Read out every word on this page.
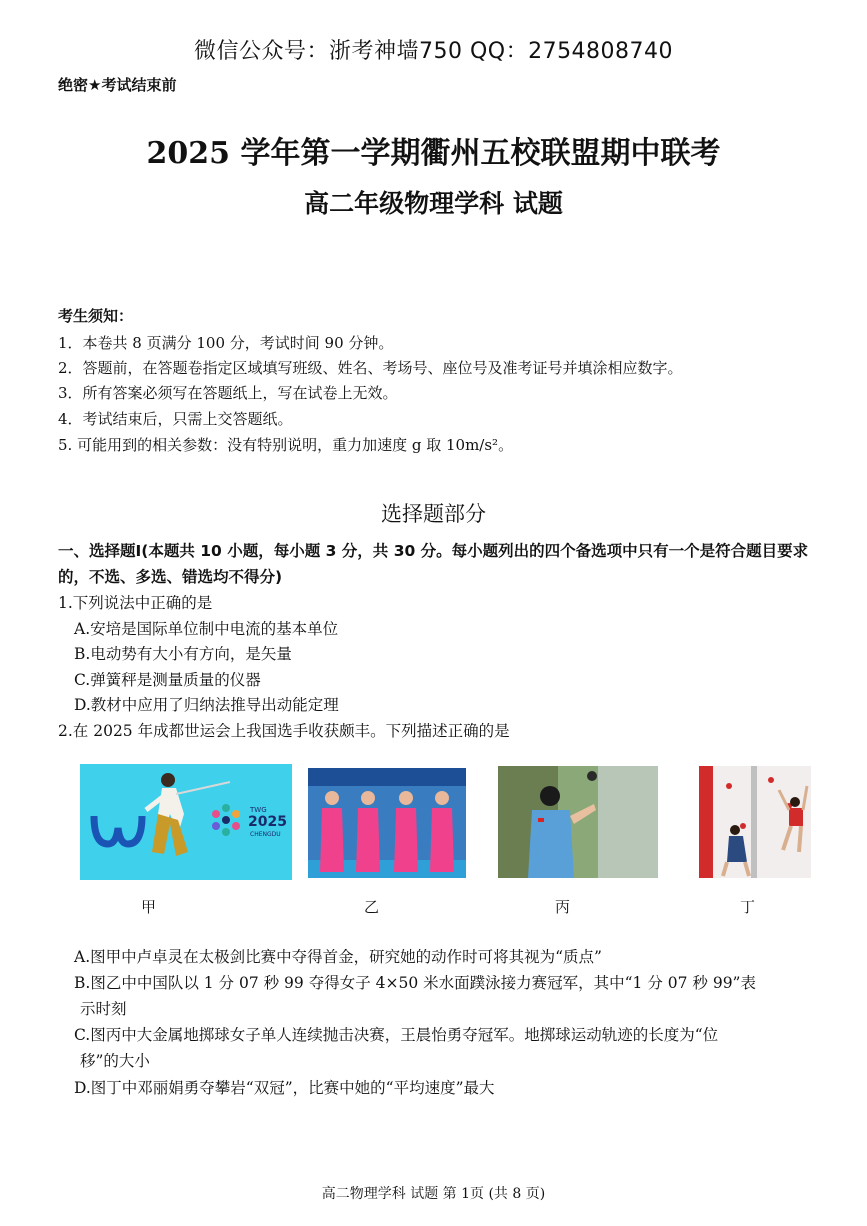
微信公众号：浙考神墙750 QQ：2754808740
绝密★考试结束前
2025 学年第一学期衢州五校联盟期中联考
高二年级物理学科 试题
考生须知：
1．本卷共 8 页满分 100 分，考试时间 90 分钟。
2．答题前，在答题卷指定区域填写班级、姓名、考场号、座位号及准考证号并填涂相应数字。
3．所有答案必须写在答题纸上，写在试卷上无效。
4．考试结束后，只需上交答题纸。
5. 可能用到的相关参数：没有特别说明，重力加速度 g 取 10m/s²。
选择题部分
一、选择题Ⅰ(本题共 10 小题，每小题 3 分，共 30 分。每小题列出的四个备选项中只有一个是符合题目要求的，不选、多选、错选均不得分)
1.下列说法中正确的是
A.安培是国际单位制中电流的基本单位
B.电动势有大小有方向，是矢量
C.弹簧秤是测量质量的仪器
D.教材中应用了归纳法推导出动能定理
2.在 2025 年成都世运会上我国选手收获颇丰。下列描述正确的是
TWG
2025
CHENGDU
甲	乙	丙	丁
A.图甲中卢卓灵在太极剑比赛中夺得首金，研究她的动作时可将其视为“质点”
B.图乙中中国队以 1 分 07 秒 99 夺得女子 4×50 米水面蹼泳接力赛冠军，其中“1 分 07 秒 99”表
示时刻
C.图丙中大金属地掷球女子单人连续抛击决赛，王晨怡勇夺冠军。地掷球运动轨迹的长度为“位
移”的大小
D.图丁中邓丽娟勇夺攀岩“双冠”，比赛中她的“平均速度”最大
高二物理学科 试题 第 1页 (共 8 页)
